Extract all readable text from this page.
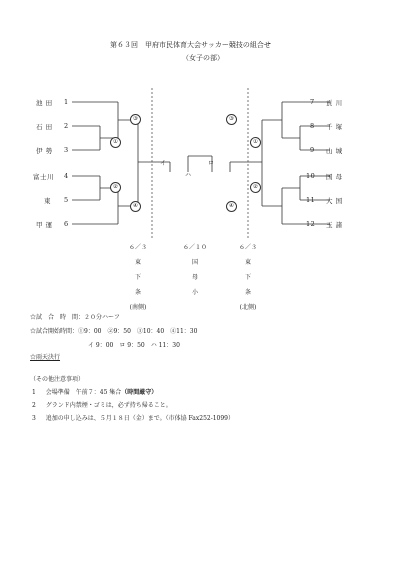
第６３回　甲府市民体育大会サッカー競技の組合せ
（女子の部）
池 田 1
石 田 2
伊 勢 3
富士川 4
東 5
甲 運 6
7 貢 川
8 千 塚
9 山 城
10 国 母
11 大 国
12 玉 諸
③
①
②
④
③
①
②
④
イ
ハ
ロ
６／３
東
下
条
(南側)
６／１０
国
母
小
６／３
東
下
条
(北側)
☆試　合　時　間：２０分ハーフ
☆試合開始時間：①9：00　②9：50　③10：40　④11：30
イ 9：00　ロ 9：50　ハ 11：30
☆雨天決行
（その他注意事項）
1 会場準備　午前７：45 集合（時間厳守）
2 グランド内禁煙・ゴミは，必ず持ち帰ること。
3 追加の申し込みは、５月１８日（金）まで。（市体協 Fax252-1099）
